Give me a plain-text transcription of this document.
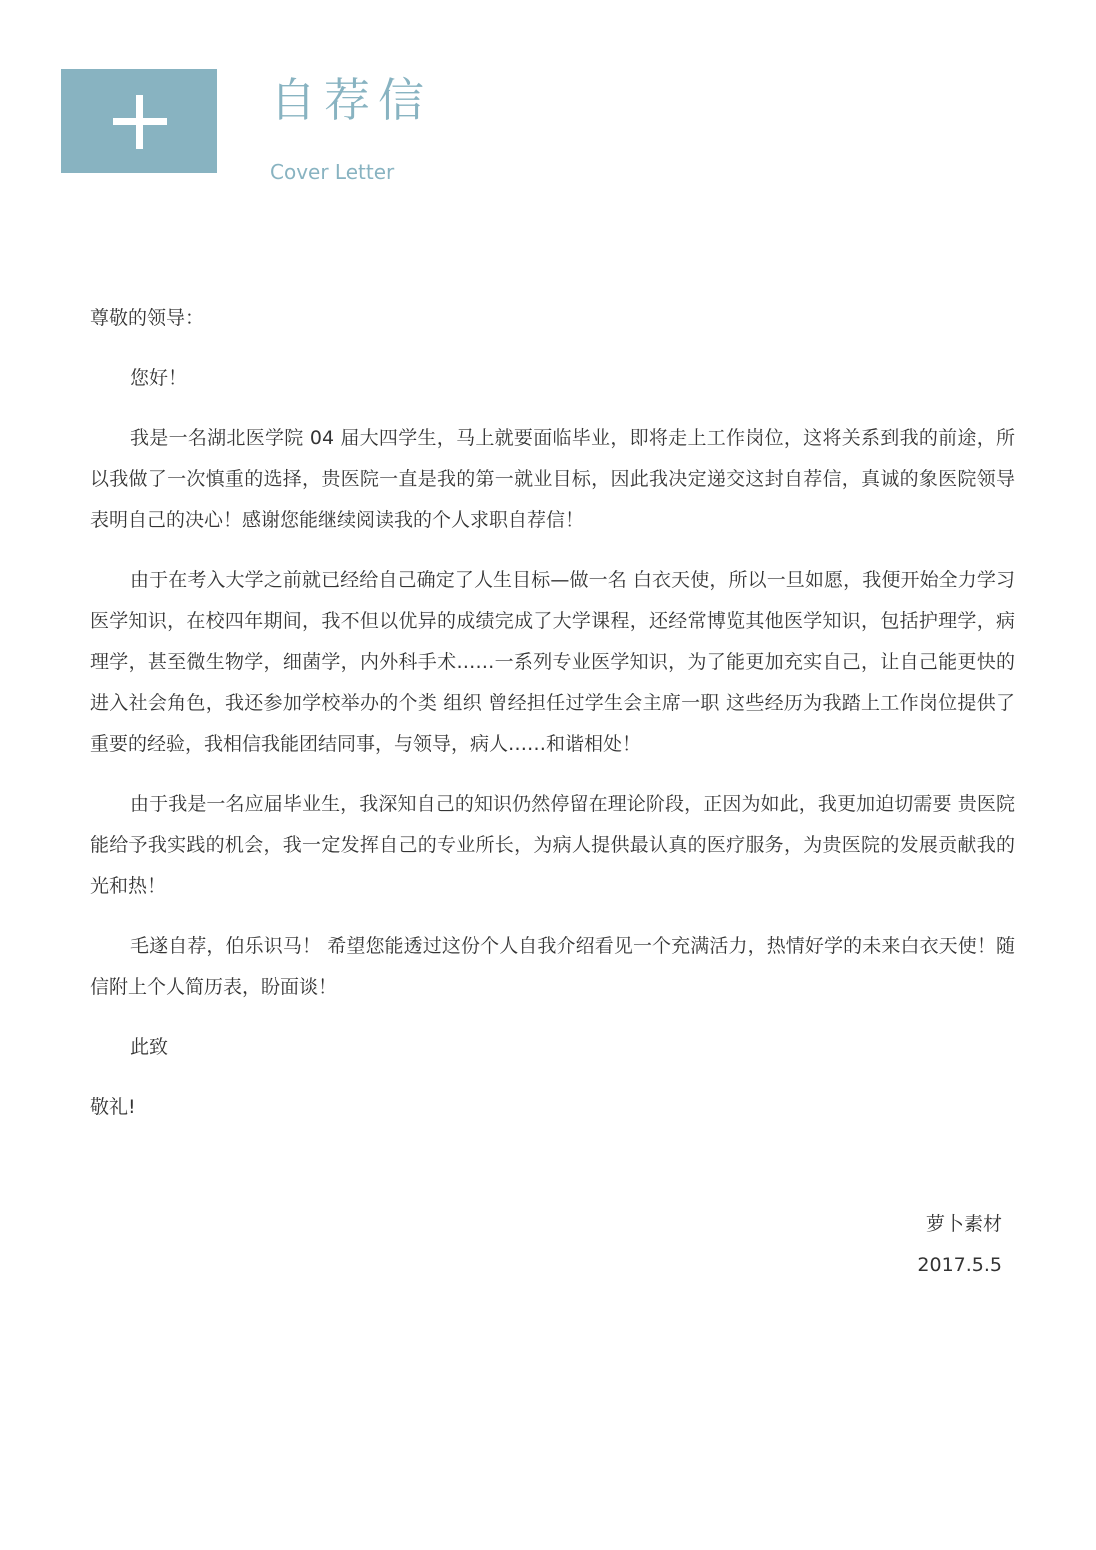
自荐信
Cover Letter

尊敬的领导：

您好！

我是一名湖北医学院 04 届大四学生，马上就要面临毕业，即将走上工作岗位，这将关系到我的前途，所以我做了一次慎重的选择，贵医院一直是我的第一就业目标，因此我决定递交这封自荐信，真诚的象医院领导表明自己的决心！感谢您能继续阅读我的个人求职自荐信！

由于在考入大学之前就已经给自己确定了人生目标—做一名 白衣天使，所以一旦如愿，我便开始全力学习医学知识，在校四年期间，我不但以优异的成绩完成了大学课程，还经常博览其他医学知识，包括护理学，病理学，甚至微生物学，细菌学，内外科手术……一系列专业医学知识，为了能更加充实自己，让自己能更快的进入社会角色，我还参加学校举办的个类 组织 曾经担任过学生会主席一职 这些经历为我踏上工作岗位提供了重要的经验，我相信我能团结同事，与领导，病人……和谐相处！

由于我是一名应届毕业生，我深知自己的知识仍然停留在理论阶段，正因为如此，我更加迫切需要 贵医院能给予我实践的机会，我一定发挥自己的专业所长，为病人提供最认真的医疗服务，为贵医院的发展贡献我的光和热！

毛遂自荐，伯乐识马！ 希望您能透过这份个人自我介绍看见一个充满活力，热情好学的未来白衣天使！随信附上个人简历表，盼面谈！

此致

敬礼!

萝卜素材
2017.5.5
